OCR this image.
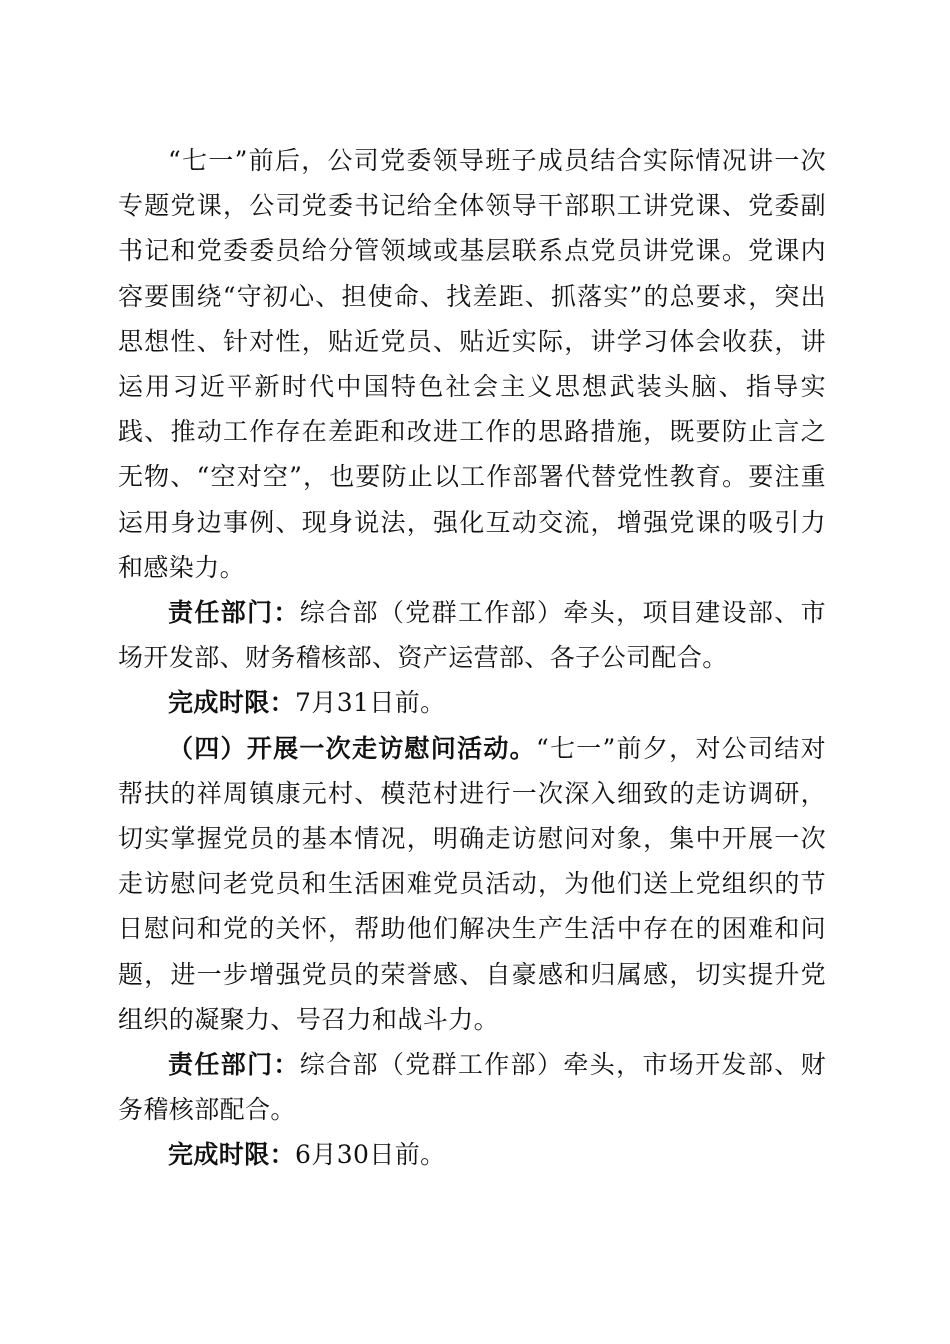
“七一”前后，公司党委领导班子成员结合实际情况讲一次专题党课，公司党委书记给全体领导干部职工讲党课、党委副书记和党委委员给分管领域或基层联系点党员讲党课。党课内容要围绕“守初心、担使命、找差距、抓落实”的总要求，突出思想性、针对性，贴近党员、贴近实际，讲学习体会收获，讲运用习近平新时代中国特色社会主义思想武装头脑、指导实践、推动工作存在差距和改进工作的思路措施，既要防止言之无物、“空对空”，也要防止以工作部署代替党性教育。要注重运用身边事例、现身说法，强化互动交流，增强党课的吸引力和感染力。

责任部门：综合部（党群工作部）牵头，项目建设部、市场开发部、财务稽核部、资产运营部、各子公司配合。

完成时限：7月31日前。

（四）开展一次走访慰问活动。“七一”前夕，对公司结对帮扶的祥周镇康元村、模范村进行一次深入细致的走访调研，切实掌握党员的基本情况，明确走访慰问对象，集中开展一次走访慰问老党员和生活困难党员活动，为他们送上党组织的节日慰问和党的关怀，帮助他们解决生产生活中存在的困难和问题，进一步增强党员的荣誉感、自豪感和归属感，切实提升党组织的凝聚力、号召力和战斗力。

责任部门：综合部（党群工作部）牵头，市场开发部、财务稽核部配合。

完成时限：6月30日前。
